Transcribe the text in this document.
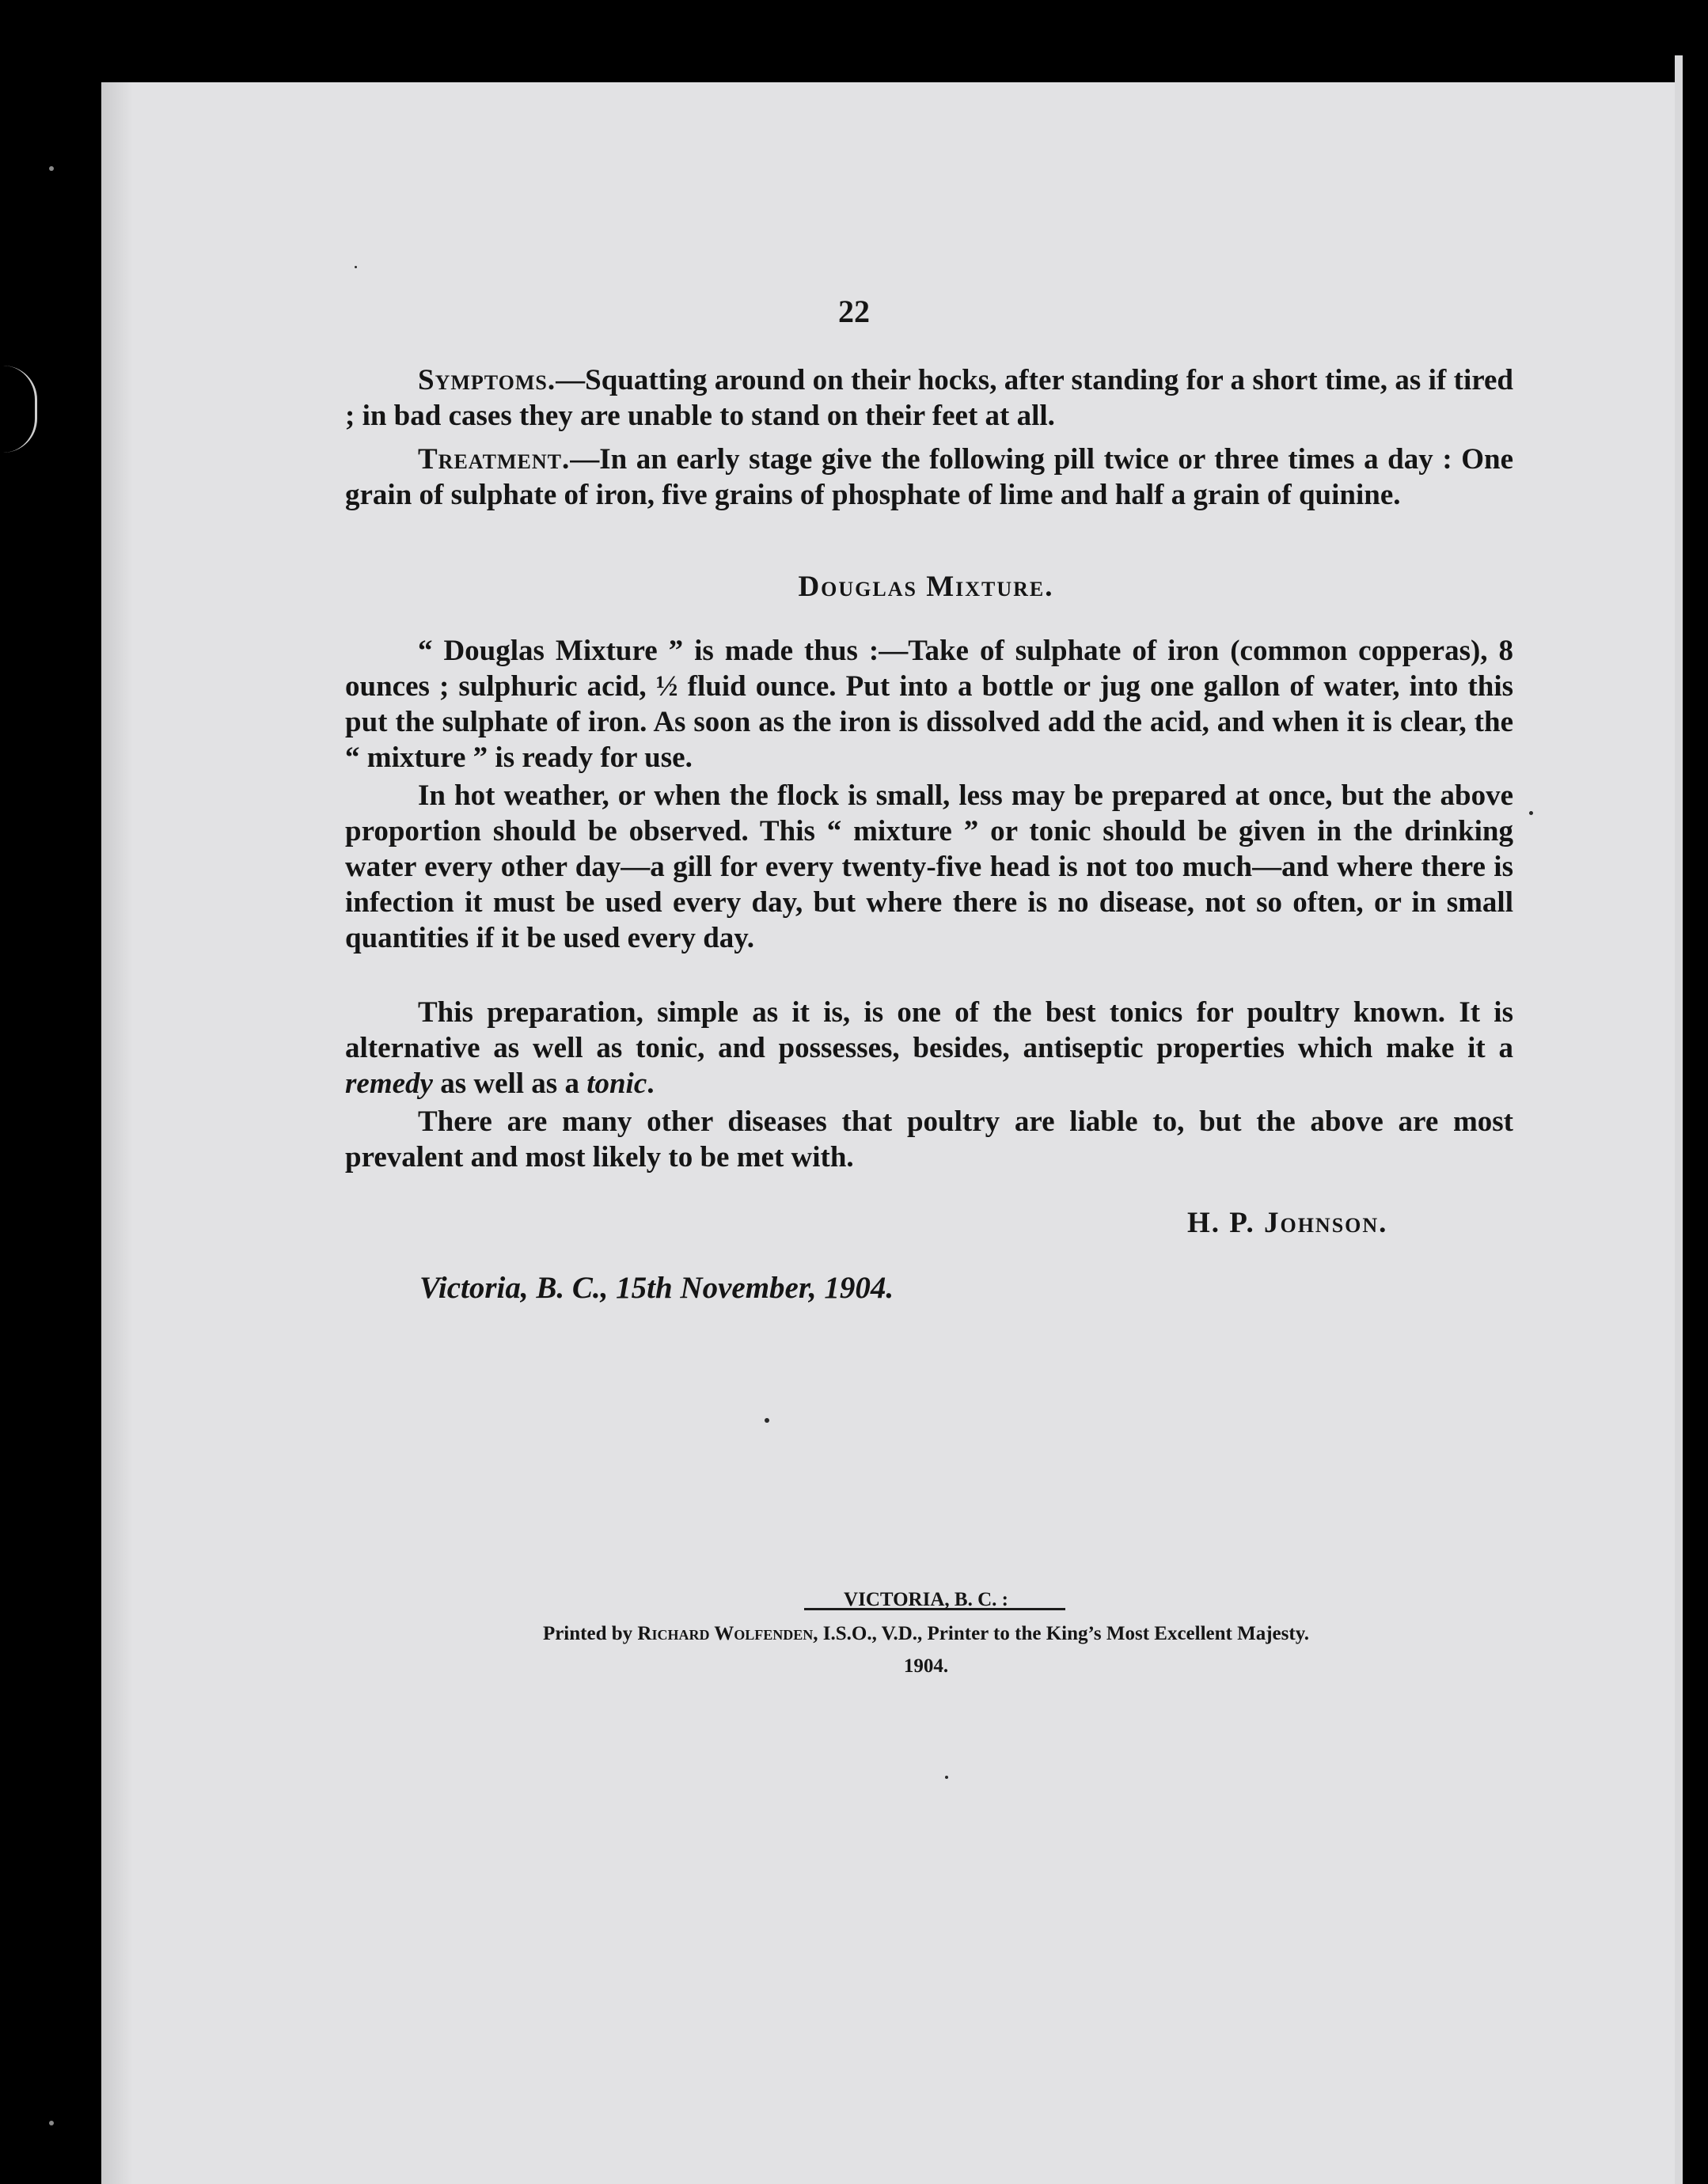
22

Symptoms.—Squatting around on their hocks, after standing for a short time, as if tired ; in bad cases they are unable to stand on their feet at all.

Treatment.—In an early stage give the following pill twice or three times a day : One grain of sulphate of iron, five grains of phosphate of lime and half a grain of quinine.

Douglas Mixture.

“ Douglas Mixture ” is made thus :—Take of sulphate of iron (common copperas), 8 ounces ; sulphuric acid, ½ fluid ounce. Put into a bottle or jug one gallon of water, into this put the sulphate of iron. As soon as the iron is dissolved add the acid, and when it is clear, the “ mixture ” is ready for use.

In hot weather, or when the flock is small, less may be prepared at once, but the above proportion should be observed. This “ mixture ” or tonic should be given in the drinking water every other day—a gill for every twenty-five head is not too much—and where there is infection it must be used every day, but where there is no disease, not so often, or in small quantities if it be used every day.

This preparation, simple as it is, is one of the best tonics for poultry known. It is alternative as well as tonic, and possesses, besides, antiseptic properties which make it a remedy as well as a tonic.

There are many other diseases that poultry are liable to, but the above are most prevalent and most likely to be met with.

H. P. Johnson.
Victoria, B. C., 15th November, 1904.
VICTORIA, B. C. :
Printed by Richard Wolfenden, I.S.O., V.D., Printer to the King’s Most Excellent Majesty.
1904.
